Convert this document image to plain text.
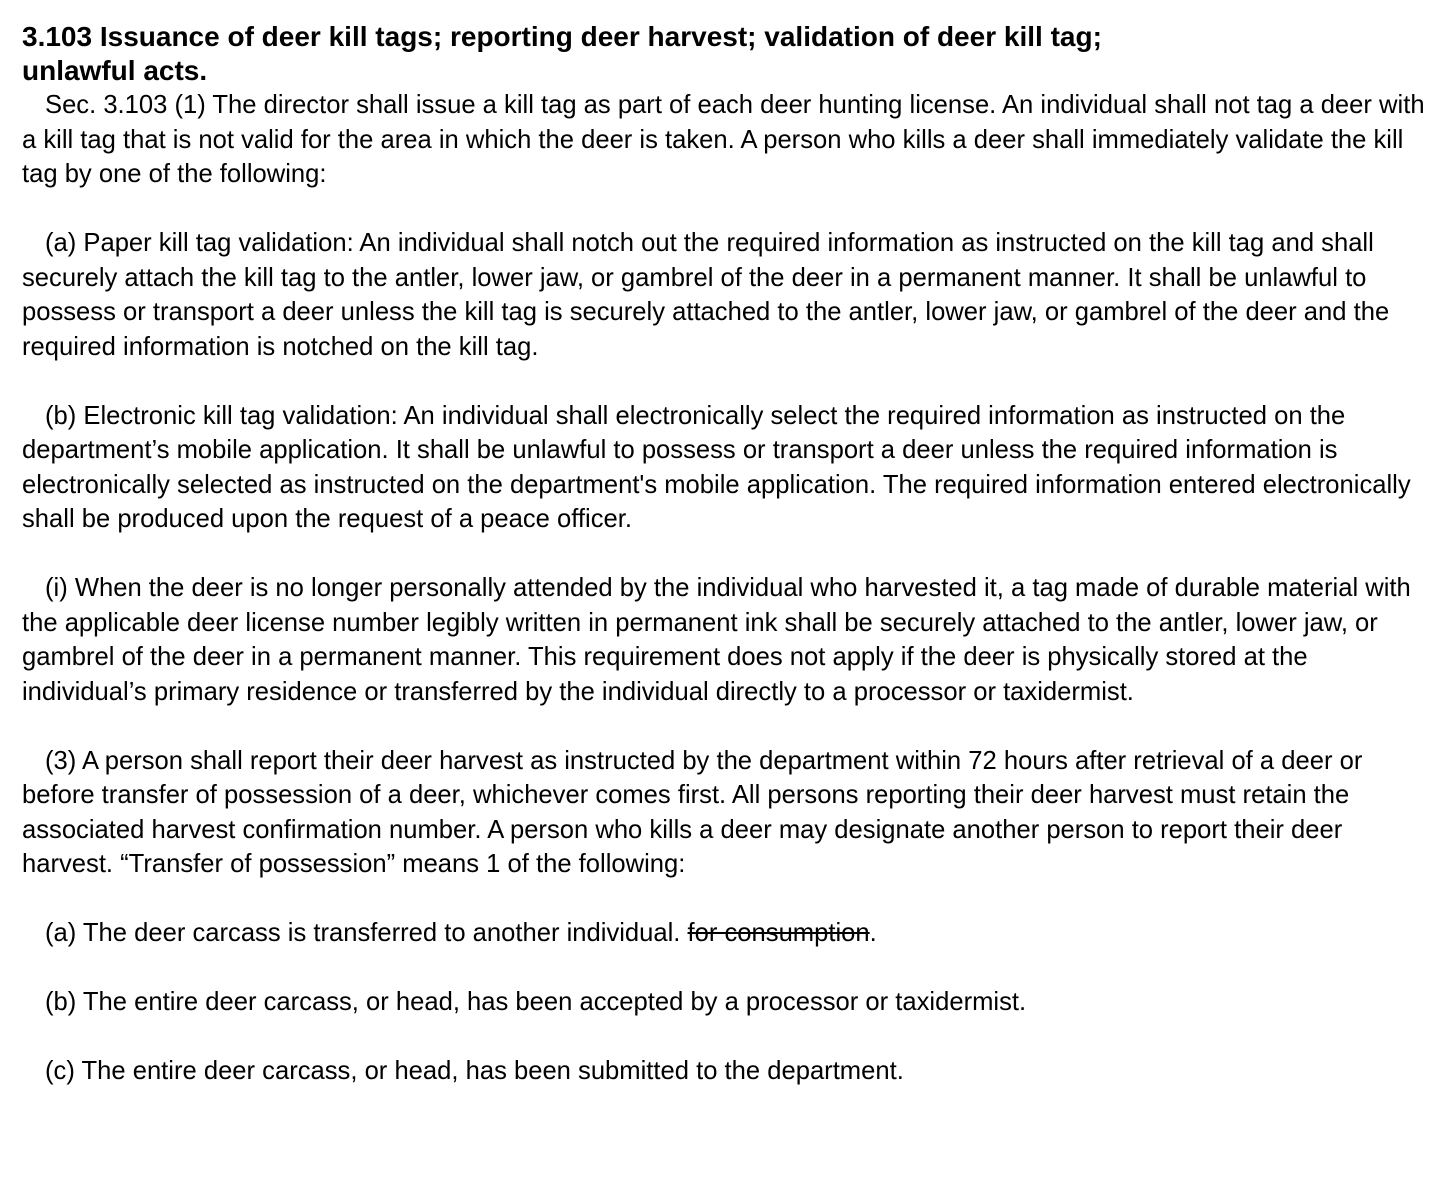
3.103 Issuance of deer kill tags; reporting deer harvest; validation of deer kill tag;
unlawful acts.

Sec. 3.103 (1) The director shall issue a kill tag as part of each deer hunting license. An individual shall not tag a deer with a kill tag that is not valid for the area in which the deer is taken. A person who kills a deer shall immediately validate the kill tag by one of the following:

(a) Paper kill tag validation: An individual shall notch out the required information as instructed on the kill tag and shall securely attach the kill tag to the antler, lower jaw, or gambrel of the deer in a permanent manner. It shall be unlawful to possess or transport a deer unless the kill tag is securely attached to the antler, lower jaw, or gambrel of the deer and the required information is notched on the kill tag.

(b) Electronic kill tag validation: An individual shall electronically select the required information as instructed on the department’s mobile application. It shall be unlawful to possess or transport a deer unless the required information is electronically selected as instructed on the department's mobile application. The required information entered electronically shall be produced upon the request of a peace officer.

(i) When the deer is no longer personally attended by the individual who harvested it, a tag made of durable material with the applicable deer license number legibly written in permanent ink shall be securely attached to the antler, lower jaw, or gambrel of the deer in a permanent manner. This requirement does not apply if the deer is physically stored at the individual’s primary residence or transferred by the individual directly to a processor or taxidermist.

(3) A person shall report their deer harvest as instructed by the department within 72 hours after retrieval of a deer or before transfer of possession of a deer, whichever comes first. All persons reporting their deer harvest must retain the associated harvest confirmation number. A person who kills a deer may designate another person to report their deer harvest. “Transfer of possession” means 1 of the following:

(a) The deer carcass is transferred to another individual. for consumption.

(b) The entire deer carcass, or head, has been accepted by a processor or taxidermist.

(c) The entire deer carcass, or head, has been submitted to the department.
